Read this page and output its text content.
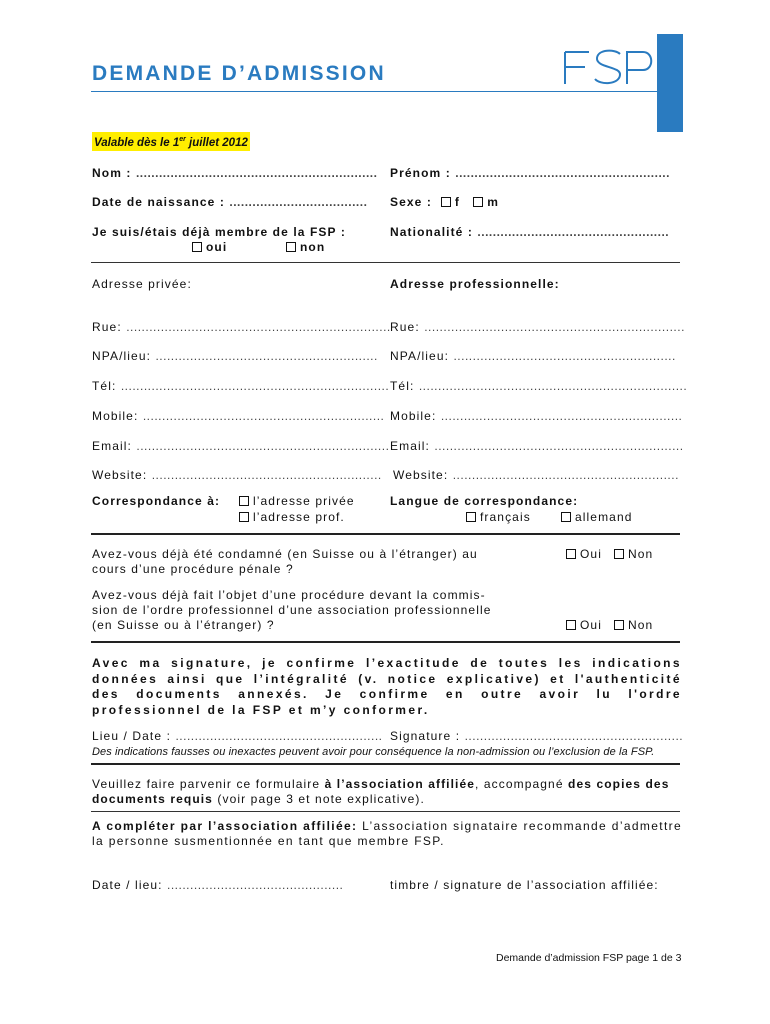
DEMANDE D’ADMISSION
Valable dès le 1er juillet 2012
Nom : ............................................................... Prénom : ........................................................
Date de naissance : .................................... Sexe : f m
Je suis/étais déjà membre de la FSP :
oui	non
Nationalité : ..................................................
Adresse privée:	Adresse professionnelle:
Rue: ..................................................................... Rue: ....................................................................
NPA/lieu: .......................................................... NPA/lieu: ..........................................................
Tél: ...................................................................... Tél: ......................................................................
Mobile: ............................................................... Mobile: ...............................................................
Email: .................................................................. Email: .................................................................
Website: ............................................................ Website: ...........................................................
Correspondance à:	l’adresse privée
l’adresse prof.
Langue de correspondance:
français	allemand
Avez-vous déjà été condamné (en Suisse ou à l’étranger) au
cours d’une procédure pénale ?
Oui	Non
Avez-vous déjà fait l’objet d’une procédure devant la commis-
sion de l’ordre professionnel d’une association professionnelle
(en Suisse ou à l’étranger) ?	Oui	Non
Avec ma signature, je confirme l’exactitude de toutes les indications données ainsi que l’intégralité (v. notice explicative) et l'authenticité des documents annexés. Je confirme en outre avoir lu l'ordre professionnel de la FSP et m’y conformer.
Lieu / Date : ...................................................... Signature : .........................................................
Des indications fausses ou inexactes peuvent avoir pour conséquence la non-admission ou l’exclusion de la FSP.
Veuillez faire parvenir ce formulaire à l’association affiliée, accompagné des copies des documents requis (voir page 3 et note explicative).
A compléter par l’association affiliée: L’association signataire recommande d’admettre la personne susmentionnée en tant que membre FSP.
Date / lieu: ..............................................	timbre / signature de l’association affiliée:
Demande d’admission FSP page 1 de 3
